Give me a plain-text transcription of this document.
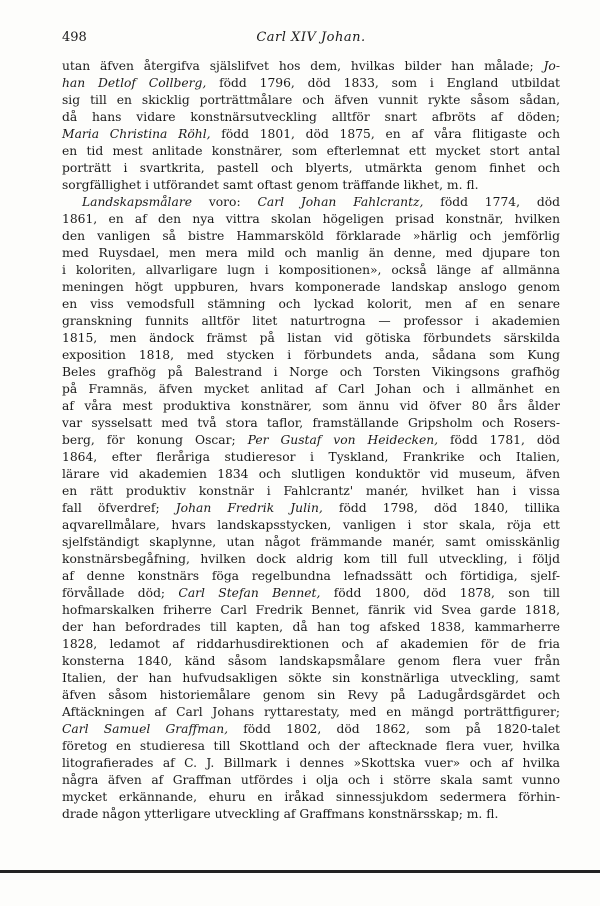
498	Carl XIV Johan.
utan äfven återgifva själslifvet hos dem, hvilkas bilder han målade; Jo-
han Detlof Collberg, född 1796, död 1833, som i England utbildat
sig till en skicklig porträttmålare och äfven vunnit rykte såsom sådan,
då hans vidare konstnärsutveckling alltför snart afbröts af döden;
Maria Christina Röhl, född 1801, död 1875, en af våra flitigaste och
en tid mest anlitade konstnärer, som efterlemnat ett mycket stort antal
porträtt i svartkrita, pastell och blyerts, utmärkta genom finhet och
sorgfällighet i utförandet samt oftast genom träffande likhet, m. fl.
Landskapsmålare voro: Carl Johan Fahlcrantz, född 1774, död
1861, en af den nya vittra skolan högeligen prisad konstnär, hvilken
den vanligen så bistre Hammarsköld förklarade »härlig och jemförlig
med Ruysdael, men mera mild och manlig än denne, med djupare ton
i koloriten, allvarligare lugn i kompositionen», också länge af allmänna
meningen högt uppburen, hvars komponerade landskap anslogo genom
en viss vemodsfull stämning och lyckad kolorit, men af en senare
granskning funnits alltför litet naturtrogna — professor i akademien
1815, men ändock främst på listan vid götiska förbundets särskilda
exposition 1818, med stycken i förbundets anda, sådana som Kung
Beles grafhög på Balestrand i Norge och Torsten Vikingsons grafhög
på Framnäs, äfven mycket anlitad af Carl Johan och i allmänhet en
af våra mest produktiva konstnärer, som ännu vid öfver 80 års ålder
var sysselsatt med två stora taflor, framställande Gripsholm och Rosers-
berg, för konung Oscar; Per Gustaf von Heidecken, född 1781, död
1864, efter fleråriga studieresor i Tyskland, Frankrike och Italien,
lärare vid akademien 1834 och slutligen konduktör vid museum, äfven
en rätt produktiv konstnär i Fahlcrantz' manér, hvilket han i vissa
fall öfverdref; Johan Fredrik Julin, född 1798, död 1840, tillika
aqvarellmålare, hvars landskapsstycken, vanligen i stor skala, röja ett
sjelfständigt skaplynne, utan något främmande manér, samt omisskänlig
konstnärsbegåfning, hvilken dock aldrig kom till full utveckling, i följd
af denne konstnärs föga regelbundna lefnadssätt och förtidiga, sjelf-
förvållade död; Carl Stefan Bennet, född 1800, död 1878, son till
hofmarskalken friherre Carl Fredrik Bennet, fänrik vid Svea garde 1818,
der han befordrades till kapten, då han tog afsked 1838, kammarherre
1828, ledamot af riddarhusdirektionen och af akademien för de fria
konsterna 1840, känd såsom landskapsmålare genom flera vuer från
Italien, der han hufvudsakligen sökte sin konstnärliga utveckling, samt
äfven såsom historiemålare genom sin Revy på Ladugårdsgärdet och
Aftäckningen af Carl Johans ryttarestaty, med en mängd porträttfigurer;
Carl Samuel Graffman, född 1802, död 1862, som på 1820-talet
företog en studieresa till Skottland och der aftecknade flera vuer, hvilka
litografierades af C. J. Billmark i dennes »Skottska vuer» och af hvilka
några äfven af Graffman utfördes i olja och i större skala samt vunno
mycket erkännande, ehuru en iråkad sinnessjukdom sedermera förhin-
drade någon ytterligare utveckling af Graffmans konstnärsskap; m. fl.
